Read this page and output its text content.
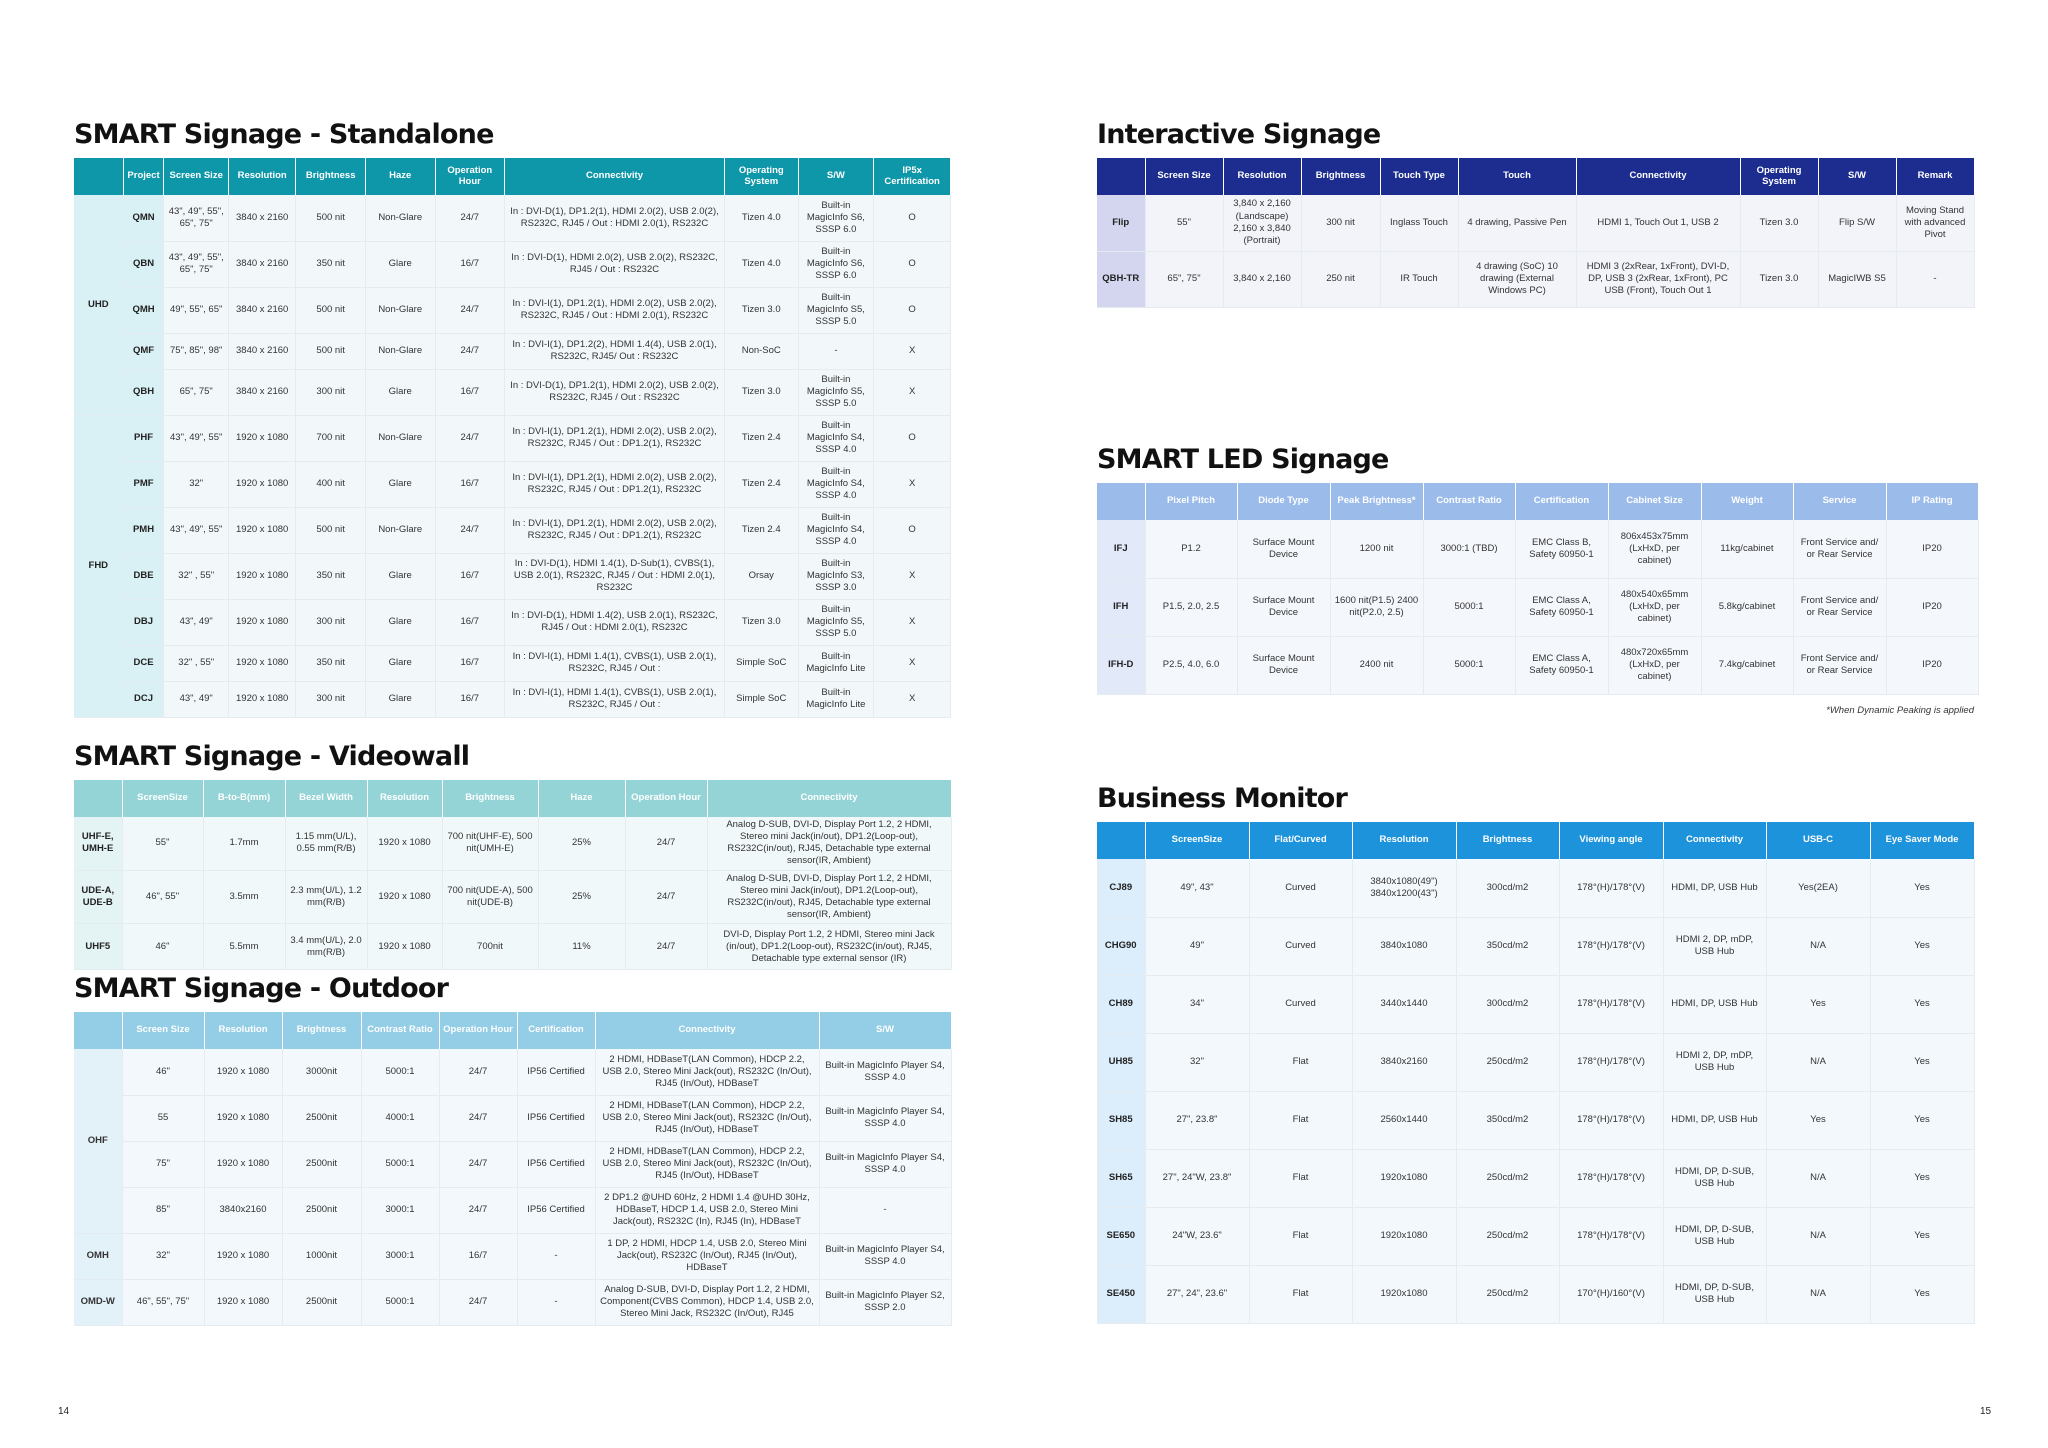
SMART Signage - Standalone
	Project	Screen Size	Resolution	Brightness	Haze	Operation Hour	Connectivity	Operating System	S/W	IP5x Certification
UHD	QMN	43", 49", 55", 65", 75"	3840 x 2160	500 nit	Non-Glare	24/7	In : DVI-D(1), DP1.2(1), HDMI 2.0(2), USB 2.0(2), RS232C, RJ45 / Out : HDMI 2.0(1), RS232C	Tizen 4.0	Built-in MagicInfo S6, SSSP 6.0	O
	QBN	43", 49", 55", 65", 75"	3840 x 2160	350 nit	Glare	16/7	In : DVI-D(1), HDMI 2.0(2), USB 2.0(2), RS232C, RJ45 / Out : RS232C	Tizen 4.0	Built-in MagicInfo S6, SSSP 6.0	O
	QMH	49", 55", 65"	3840 x 2160	500 nit	Non-Glare	24/7	In : DVI-I(1), DP1.2(1), HDMI 2.0(2), USB 2.0(2), RS232C, RJ45 / Out : HDMI 2.0(1), RS232C	Tizen 3.0	Built-in MagicInfo S5, SSSP 5.0	O
	QMF	75", 85", 98"	3840 x 2160	500 nit	Non-Glare	24/7	In : DVI-I(1), DP1.2(2), HDMI 1.4(4), USB 2.0(1), RS232C, RJ45/ Out : RS232C	Non-SoC	-	X
	QBH	65", 75"	3840 x 2160	300 nit	Glare	16/7	In : DVI-D(1), DP1.2(1), HDMI 2.0(2), USB 2.0(2), RS232C, RJ45 / Out : RS232C	Tizen 3.0	Built-in MagicInfo S5, SSSP 5.0	X
FHD	PHF	43", 49", 55"	1920 x 1080	700 nit	Non-Glare	24/7	In : DVI-I(1), DP1.2(1), HDMI 2.0(2), USB 2.0(2), RS232C, RJ45 / Out : DP1.2(1), RS232C	Tizen 2.4	Built-in MagicInfo S4, SSSP 4.0	O
	PMF	32"	1920 x 1080	400 nit	Glare	16/7	In : DVI-I(1), DP1.2(1), HDMI 2.0(2), USB 2.0(2), RS232C, RJ45 / Out : DP1.2(1), RS232C	Tizen 2.4	Built-in MagicInfo S4, SSSP 4.0	X
	PMH	43", 49", 55"	1920 x 1080	500 nit	Non-Glare	24/7	In : DVI-I(1), DP1.2(1), HDMI 2.0(2), USB 2.0(2), RS232C, RJ45 / Out : DP1.2(1), RS232C	Tizen 2.4	Built-in MagicInfo S4, SSSP 4.0	O
	DBE	32" , 55"	1920 x 1080	350 nit	Glare	16/7	In : DVI-D(1), HDMI 1.4(1), D-Sub(1), CVBS(1), USB 2.0(1), RS232C, RJ45 / Out : HDMI 2.0(1), RS232C	Orsay	Built-in MagicInfo S3, SSSP 3.0	X
	DBJ	43", 49"	1920 x 1080	300 nit	Glare	16/7	In : DVI-D(1), HDMI 1.4(2), USB 2.0(1), RS232C, RJ45 / Out : HDMI 2.0(1), RS232C	Tizen 3.0	Built-in MagicInfo S5, SSSP 5.0	X
	DCE	32" , 55"	1920 x 1080	350 nit	Glare	16/7	In : DVI-I(1), HDMI 1.4(1), CVBS(1), USB 2.0(1), RS232C, RJ45 / Out :	Simple SoC	Built-in MagicInfo Lite	X
	DCJ	43", 49"	1920 x 1080	300 nit	Glare	16/7	In : DVI-I(1), HDMI 1.4(1), CVBS(1), USB 2.0(1), RS232C, RJ45 / Out :	Simple SoC	Built-in MagicInfo Lite	X
SMART Signage - Videowall
	ScreenSize	B-to-B(mm)	Bezel Width	Resolution	Brightness	Haze	Operation Hour	Connectivity
UHF-E, UMH-E	55"	1.7mm	1.15 mm(U/L), 0.55 mm(R/B)	1920 x 1080	700 nit(UHF-E), 500 nit(UMH-E)	25%	24/7	Analog D-SUB, DVI-D, Display Port 1.2, 2 HDMI, Stereo mini Jack(in/out), DP1.2(Loop-out), RS232C(in/out), RJ45, Detachable type external sensor(IR, Ambient)
UDE-A, UDE-B	46", 55"	3.5mm	2.3 mm(U/L), 1.2 mm(R/B)	1920 x 1080	700 nit(UDE-A), 500 nit(UDE-B)	25%	24/7	Analog D-SUB, DVI-D, Display Port 1.2, 2 HDMI, Stereo mini Jack(in/out), DP1.2(Loop-out), RS232C(in/out), RJ45, Detachable type external sensor(IR, Ambient)
UHF5	46"	5.5mm	3.4 mm(U/L), 2.0 mm(R/B)	1920 x 1080	700nit	11%	24/7	DVI-D, Display Port 1.2, 2 HDMI, Stereo mini Jack (in/out), DP1.2(Loop-out), RS232C(in/out), RJ45, Detachable type external sensor (IR)
SMART Signage - Outdoor
	Screen Size	Resolution	Brightness	Contrast Ratio	Operation Hour	Certification	Connectivity	S/W
OHF	46"	1920 x 1080	3000nit	5000:1	24/7	IP56 Certified	2 HDMI, HDBaseT(LAN Common), HDCP 2.2, USB 2.0, Stereo Mini Jack(out), RS232C (In/Out), RJ45 (In/Out), HDBaseT	Built-in MagicInfo Player S4, SSSP 4.0
	55	1920 x 1080	2500nit	4000:1	24/7	IP56 Certified	2 HDMI, HDBaseT(LAN Common), HDCP 2.2, USB 2.0, Stereo Mini Jack(out), RS232C (In/Out), RJ45 (In/Out), HDBaseT	Built-in MagicInfo Player S4, SSSP 4.0
	75"	1920 x 1080	2500nit	5000:1	24/7	IP56 Certified	2 HDMI, HDBaseT(LAN Common), HDCP 2.2, USB 2.0, Stereo Mini Jack(out), RS232C (In/Out), RJ45 (In/Out), HDBaseT	Built-in MagicInfo Player S4, SSSP 4.0
	85"	3840x2160	2500nit	3000:1	24/7	IP56 Certified	2 DP1.2 @UHD 60Hz, 2 HDMI 1.4 @UHD 30Hz, HDBaseT, HDCP 1.4, USB 2.0, Stereo Mini Jack(out), RS232C (In), RJ45 (In), HDBaseT	-
OMH	32"	1920 x 1080	1000nit	3000:1	16/7	-	1 DP, 2 HDMI, HDCP 1.4, USB 2.0, Stereo Mini Jack(out), RS232C (In/Out), RJ45 (In/Out), HDBaseT	Built-in MagicInfo Player S4, SSSP 4.0
OMD-W	46", 55", 75"	1920 x 1080	2500nit	5000:1	24/7	-	Analog D-SUB, DVI-D, Display Port 1.2, 2 HDMI, Component(CVBS Common), HDCP 1.4, USB 2.0, Stereo Mini Jack, RS232C (In/Out), RJ45	Built-in MagicInfo Player S2, SSSP 2.0
Interactive Signage
	Screen Size	Resolution	Brightness	Touch Type	Touch	Connectivity	Operating System	S/W	Remark
Flip	55"	3,840 x 2,160 (Landscape) 2,160 x 3,840 (Portrait)	300 nit	Inglass Touch	4 drawing, Passive Pen	HDMI 1, Touch Out 1, USB 2	Tizen 3.0	Flip S/W	Moving Stand with advanced Pivot
QBH-TR	65", 75"	3,840 x 2,160	250 nit	IR Touch	4 drawing (SoC) 10 drawing (External Windows PC)	HDMI 3 (2xRear, 1xFront), DVI-D, DP, USB 3 (2xRear, 1xFront), PC USB (Front), Touch Out 1	Tizen 3.0	MagicIWB S5	-
SMART LED Signage
	Pixel Pitch	Diode Type	Peak Brightness*	Contrast Ratio	Certification	Cabinet Size	Weight	Service	IP Rating
IFJ	P1.2	Surface Mount Device	1200 nit	3000:1 (TBD)	EMC Class B, Safety 60950-1	806x453x75mm (LxHxD, per cabinet)	11kg/cabinet	Front Service and/ or Rear Service	IP20
IFH	P1.5, 2.0, 2.5	Surface Mount Device	1600 nit(P1.5) 2400 nit(P2.0, 2.5)	5000:1	EMC Class A, Safety 60950-1	480x540x65mm (LxHxD, per cabinet)	5.8kg/cabinet	Front Service and/ or Rear Service	IP20
IFH-D	P2.5, 4.0, 6.0	Surface Mount Device	2400 nit	5000:1	EMC Class A, Safety 60950-1	480x720x65mm (LxHxD, per cabinet)	7.4kg/cabinet	Front Service and/ or Rear Service	IP20
*When Dynamic Peaking is applied
Business Monitor
	ScreenSize	Flat/Curved	Resolution	Brightness	Viewing angle	Connectivity	USB-C	Eye Saver Mode
CJ89	49", 43"	Curved	3840x1080(49") 3840x1200(43")	300cd/m2	178°(H)/178°(V)	HDMI, DP, USB Hub	Yes(2EA)	Yes
CHG90	49"	Curved	3840x1080	350cd/m2	178°(H)/178°(V)	HDMI 2, DP, mDP, USB Hub	N/A	Yes
CH89	34"	Curved	3440x1440	300cd/m2	178°(H)/178°(V)	HDMI, DP, USB Hub	Yes	Yes
UH85	32"	Flat	3840x2160	250cd/m2	178°(H)/178°(V)	HDMI 2, DP, mDP, USB Hub	N/A	Yes
SH85	27", 23.8"	Flat	2560x1440	350cd/m2	178°(H)/178°(V)	HDMI, DP, USB Hub	Yes	Yes
SH65	27", 24"W, 23.8"	Flat	1920x1080	250cd/m2	178°(H)/178°(V)	HDMI, DP, D-SUB, USB Hub	N/A	Yes
SE650	24"W, 23.6"	Flat	1920x1080	250cd/m2	178°(H)/178°(V)	HDMI, DP, D-SUB, USB Hub	N/A	Yes
SE450	27", 24", 23.6"	Flat	1920x1080	250cd/m2	170°(H)/160°(V)	HDMI, DP, D-SUB, USB Hub	N/A	Yes
14	15
